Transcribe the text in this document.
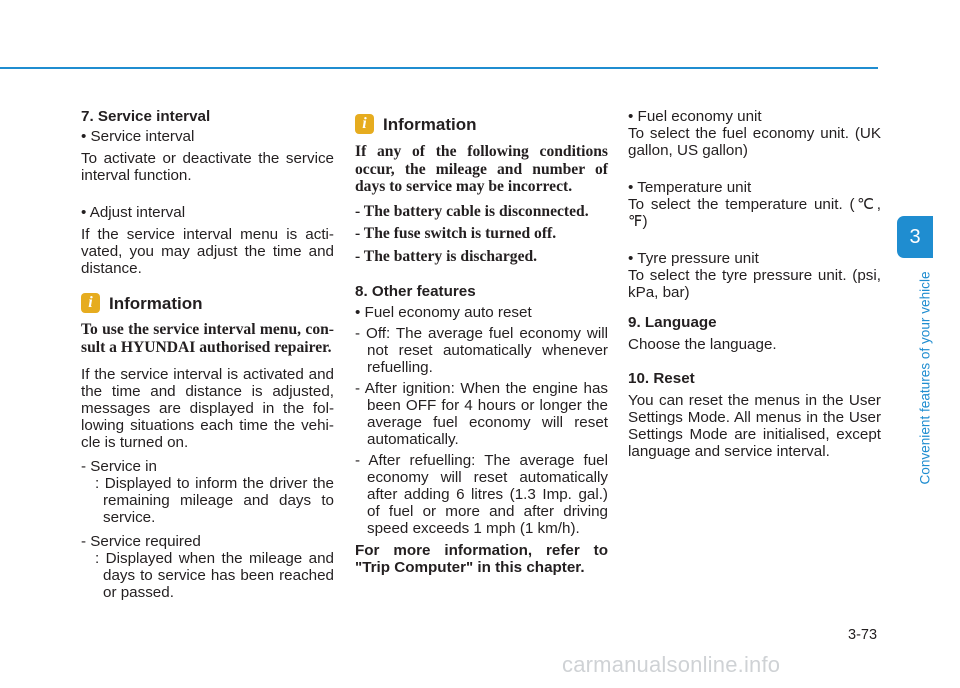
7. Service interval

• Service interval

To activate or deactivate the service interval function.

• Adjust interval

If the service interval menu is acti-vated, you may adjust the time and distance.

i Information

To use the service interval menu, con-sult a HYUNDAI authorised repairer.

If the service interval is activated and the time and distance is adjusted, messages are displayed in the fol-lowing situations each time the vehi-cle is turned on.

- Service in

: Displayed to inform the driver the remaining mileage and days to service.

- Service required

: Displayed when the mileage and days to service has been reached or passed.

i Information

If any of the following conditions occur, the mileage and number of days to service may be incorrect.

- The battery cable is disconnected.

- The fuse switch is turned off.

- The battery is discharged.

8. Other features

• Fuel economy auto reset

- Off: The average fuel economy will not reset automatically whenever refuelling.

- After ignition: When the engine has been OFF for 4 hours or longer the average fuel economy will reset automatically.

- After refuelling: The average fuel economy will reset automatically after adding 6 litres (1.3 Imp. gal.) of fuel or more and after driving speed exceeds 1 mph (1 km/h).

For more information, refer to "Trip Computer" in this chapter.

• Fuel economy unit

To select the fuel economy unit. (UK gallon, US gallon)

• Temperature unit

To select the temperature unit. (℃,℉)

• Tyre pressure unit

To select the tyre pressure unit. (psi, kPa, bar)

9. Language

Choose the language.

10. Reset

You can reset the menus in the User Settings Mode. All menus in the User Settings Mode are initialised, except language and service interval.

3
Convenient features of your vehicle
3-73
carmanualsonline.info
